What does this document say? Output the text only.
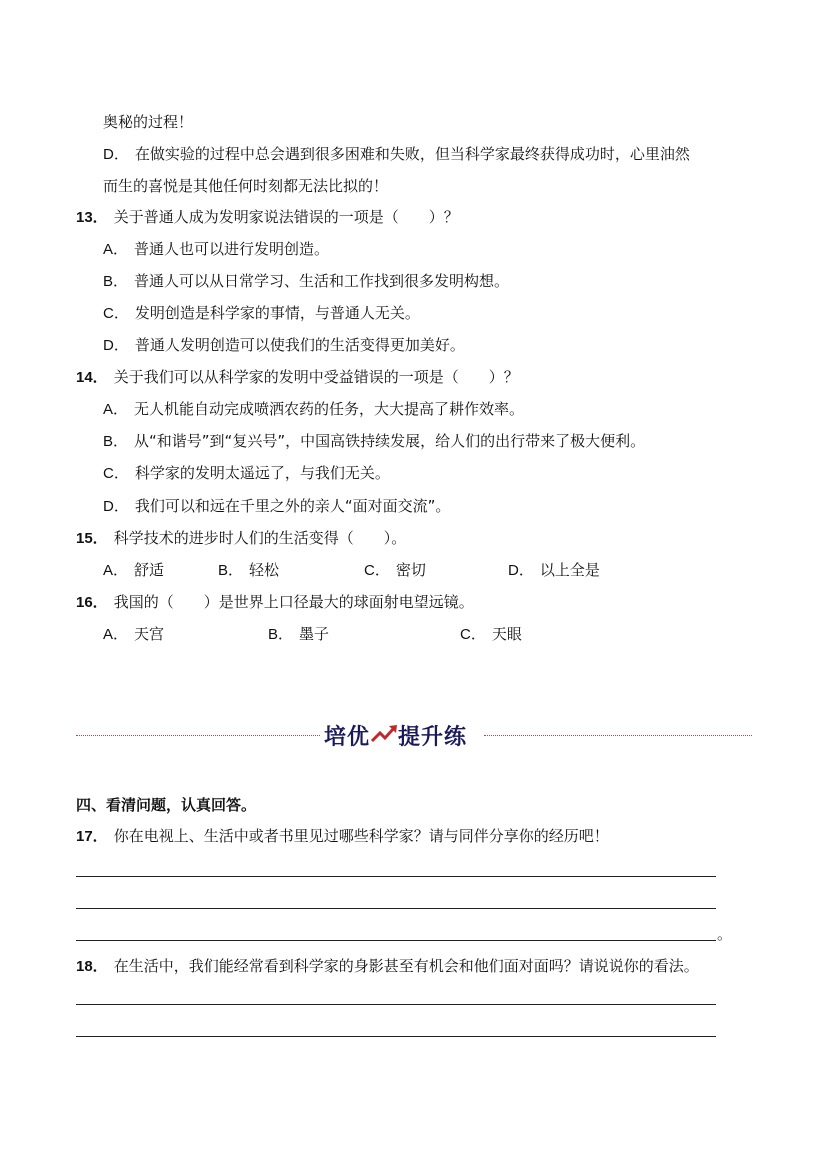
奥秘的过程！
D． 在做实验的过程中总会遇到很多困难和失败，但当科学家最终获得成功时，心里油然
而生的喜悦是其他任何时刻都无法比拟的！
13． 关于普通人成为发明家说法错误的一项是（　　）？
A． 普通人也可以进行发明创造。
B． 普通人可以从日常学习、生活和工作找到很多发明构想。
C． 发明创造是科学家的事情，与普通人无关。
D． 普通人发明创造可以使我们的生活变得更加美好。
14． 关于我们可以从科学家的发明中受益错误的一项是（　　）？
A． 无人机能自动完成喷洒农药的任务，大大提高了耕作效率。
B． 从“和谐号”到“复兴号”，中国高铁持续发展，给人们的出行带来了极大便利。
C． 科学家的发明太遥远了，与我们无关。
D． 我们可以和远在千里之外的亲人“面对面交流”。
15． 科学技术的进步时人们的生活变得（　　）。
A． 舒适	B． 轻松	C． 密切	D． 以上全是
16． 我国的（　　）是世界上口径最大的球面射电望远镜。
A． 天宫	B． 墨子	C． 天眼
培优 提升练
四、看清问题，认真回答。
17． 你在电视上、生活中或者书里见过哪些科学家？请与同伴分享你的经历吧！
。
18． 在生活中，我们能经常看到科学家的身影甚至有机会和他们面对面吗？请说说你的看法。
